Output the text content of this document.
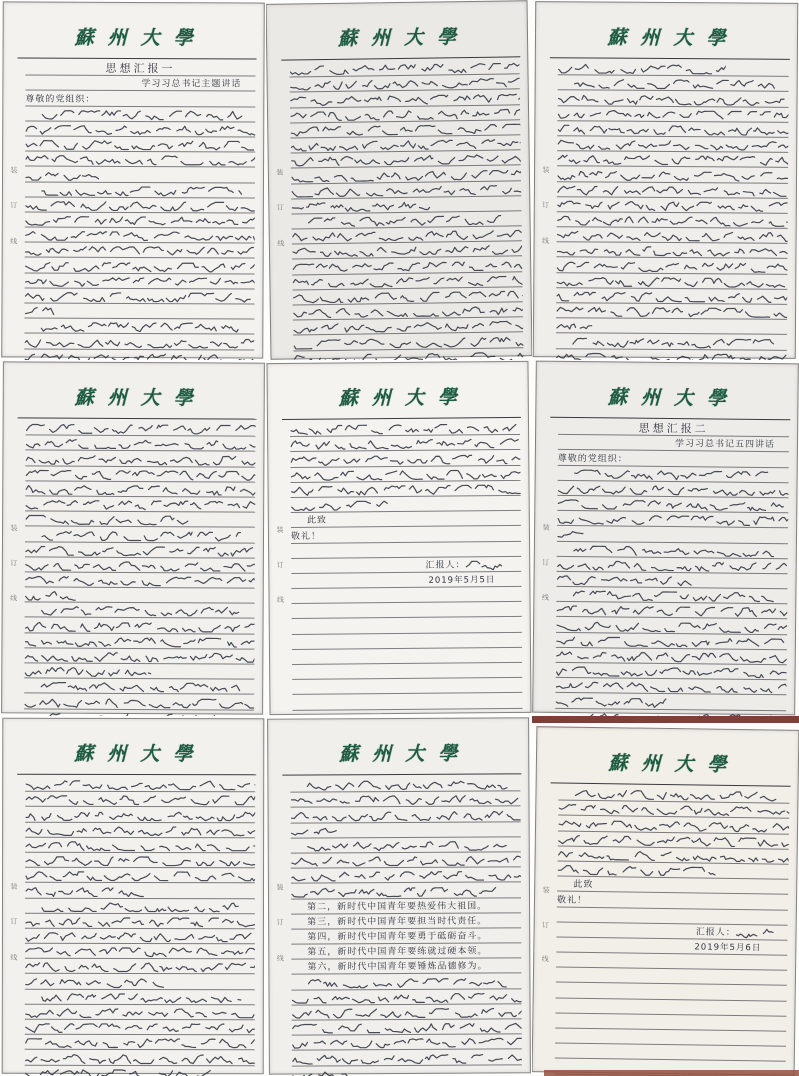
蘇州大學
装
订
线
思想汇报一
学习习总书记主题讲话
尊敬的党组织：
蘇州大學
装
订
线
蘇州大學
装
订
线
蘇州大學
装
订
线
蘇州大學
装
订
线
此致
敬礼！
汇报人：
2019年5月5日
蘇州大學
装
订
线
思想汇报二
学习习总书记五四讲话
尊敬的党组织：
蘇州大學
装
订
线
蘇州大學
装
订
线
第二，新时代中国青年要热爱伟大祖国。
第三，新时代中国青年要担当时代责任。
第四，新时代中国青年要勇于砥砺奋斗。
第五，新时代中国青年要练就过硬本领。
第六，新时代中国青年要锤炼品德修为。
蘇州大學
装
订
线
此致
敬礼！
汇报人：
2019年5月6日
